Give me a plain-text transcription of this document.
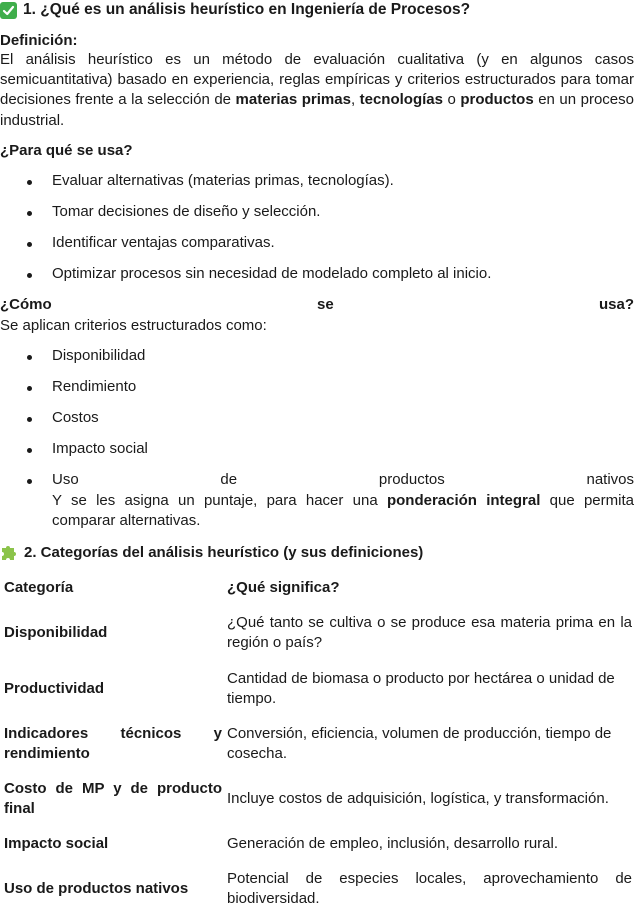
1. ¿Qué es un análisis heurístico en Ingeniería de Procesos?
Definición:
El análisis heurístico es un método de evaluación cualitativa (y en algunos casos semicuantitativa) basado en experiencia, reglas empíricas y criterios estructurados para tomar decisiones frente a la selección de materias primas, tecnologías o productos en un proceso industrial.
¿Para qué se usa?
Evaluar alternativas (materias primas, tecnologías).
Tomar decisiones de diseño y selección.
Identificar ventajas comparativas.
Optimizar procesos sin necesidad de modelado completo al inicio.
¿Cómo se usa?
Se aplican criterios estructurados como:
Disponibilidad
Rendimiento
Costos
Impacto social
Uso de productos nativos
Y se les asigna un puntaje, para hacer una ponderación integral que permita comparar alternativas.
2. Categorías del análisis heurístico (y sus definiciones)
Categoría	¿Qué significa?
Disponibilidad
¿Qué tanto se cultiva o se produce esa materia prima en la región o país?
Productividad
Cantidad de biomasa o producto por hectárea o unidad de tiempo.
Indicadores técnicos y rendimiento
Conversión, eficiencia, volumen de producción, tiempo de cosecha.
Costo de MP y de producto final
Incluye costos de adquisición, logística, y transformación.
Impacto social	Generación de empleo, inclusión, desarrollo rural.
Uso de productos nativos
Potencial de especies locales, aprovechamiento de biodiversidad.
